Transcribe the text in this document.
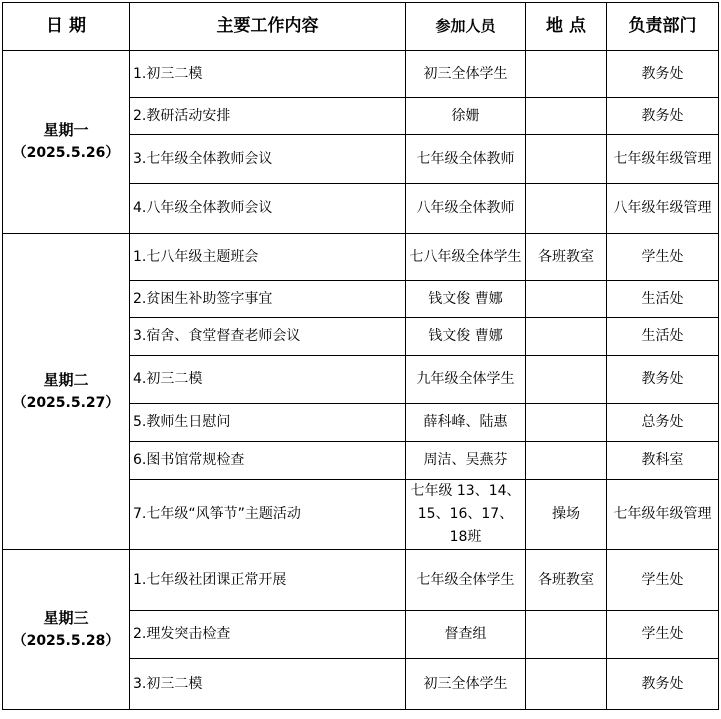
日 期	主要工作内容	参加人员	地 点	负责部门

星期一
（2025.5.26）	1.初三二模	初三全体学生		教务处
	2.教研活动安排	徐姗		教务处
	3.七年级全体教师会议	七年级全体教师		七年级年级管理
	4.八年级全体教师会议	八年级全体教师		八年级年级管理

星期二
（2025.5.27）	1.七八年级主题班会	七八年级全体学生	各班教室	学生处
	2.贫困生补助签字事宜	钱文俊 曹娜		生活处
	3.宿舍、食堂督查老师会议	钱文俊 曹娜		生活处
	4.初三二模	九年级全体学生		教务处
	5.教师生日慰问	薛科峰、陆惠		总务处
	6.图书馆常规检查	周洁、吴燕芬		教科室
	7.七年级“风筝节”主题活动	七年级 13、14、15、16、17、18班	操场	七年级年级管理

星期三
（2025.5.28）	1.七年级社团课正常开展	七年级全体学生	各班教室	学生处
	2.理发突击检查	督查组		学生处
	3.初三二模	初三全体学生		教务处
